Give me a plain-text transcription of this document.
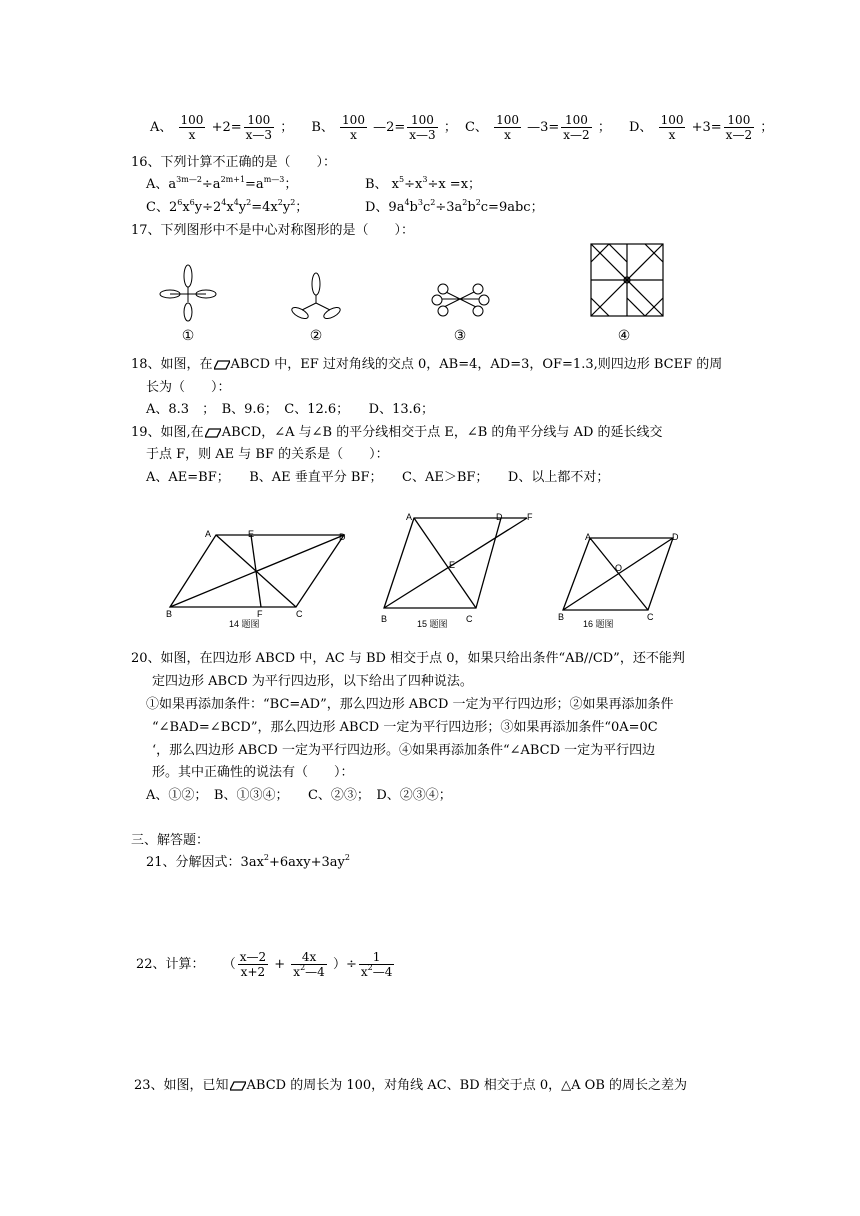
A、 $\frac{100}{x} +2= \frac{100}{x—3}$ ； B、 $\frac{100}{x}$ —2= $\frac{100}{x—3}$ ； C、 $\frac{100}{x}$ —3= $\frac{100}{x—2}$ ； D、 $\frac{100}{x} +3= \frac{100}{x—2}$ ；
16、下列计算不正确的是（　　）：
A、$a^{3m—2}\div a^{2m+1}=a^{m—3}$；	B、 $x^5\div x^3\div x =x$；
C、$2^6x^6y\div 2^4x^4y^2=4x^2y^2$；	D、$9a^4b^3c^2\div 3a^2b^2c=9abc$；
17、下列图形中不是中心对称图形的是（　　）：
①	②	③	④
18、如图，在 ABCD 中，EF 过对角线的交点 0，AB=4，AD=3，OF=1.3,则四边形 BCEF 的周
长为（　　）：
A、8.3　；　B、9.6；　C、12.6；　　D、13.6；
19、如图,在 ABCD，∠A 与∠B 的平分线相交于点 E，∠B 的角平分线与 AD 的延长线交
于点 F，则 AE 与 BF 的关系是（　　）：
A、AE=BF；　　B、AE 垂直平分 BF；　　C、AE＞BF；　　D、以上都不对；
A	E	D
B	F	C
14 题图
A	D	F
E
B	C
15 题图
A	D
O
B	C
16 题图
20、如图，在四边形 ABCD 中，AC 与 BD 相交于点 0，如果只给出条件“AB//CD”，还不能判
定四边形 ABCD 为平行四边形，以下给出了四种说法。
①如果再添加条件：“BC=AD”，那么四边形 ABCD 一定为平行四边形；②如果再添加条件
“∠BAD=∠BCD”，那么四边形 ABCD 一定为平行四边形；③如果再添加条件“0A=0C
‘，那么四边形 ABCD 一定为平行四边形。④如果再添加条件“∠ABCD 一定为平行四边
形。其中正确性的说法有（　　）：
A、①②；　B、①③④；　　C、②③；　D、②③④；
三、解答题：
21、分解因式：$3ax^2+6axy+3ay^2$
22、计算： （ $\frac{x—2}{x+2} + \frac{4x}{x^2—4}$ ）÷ $\frac{1}{x^2—4}$
23、如图，已知 ABCD 的周长为 100，对角线 AC、BD 相交于点 0，△A OB 的周长之差为
